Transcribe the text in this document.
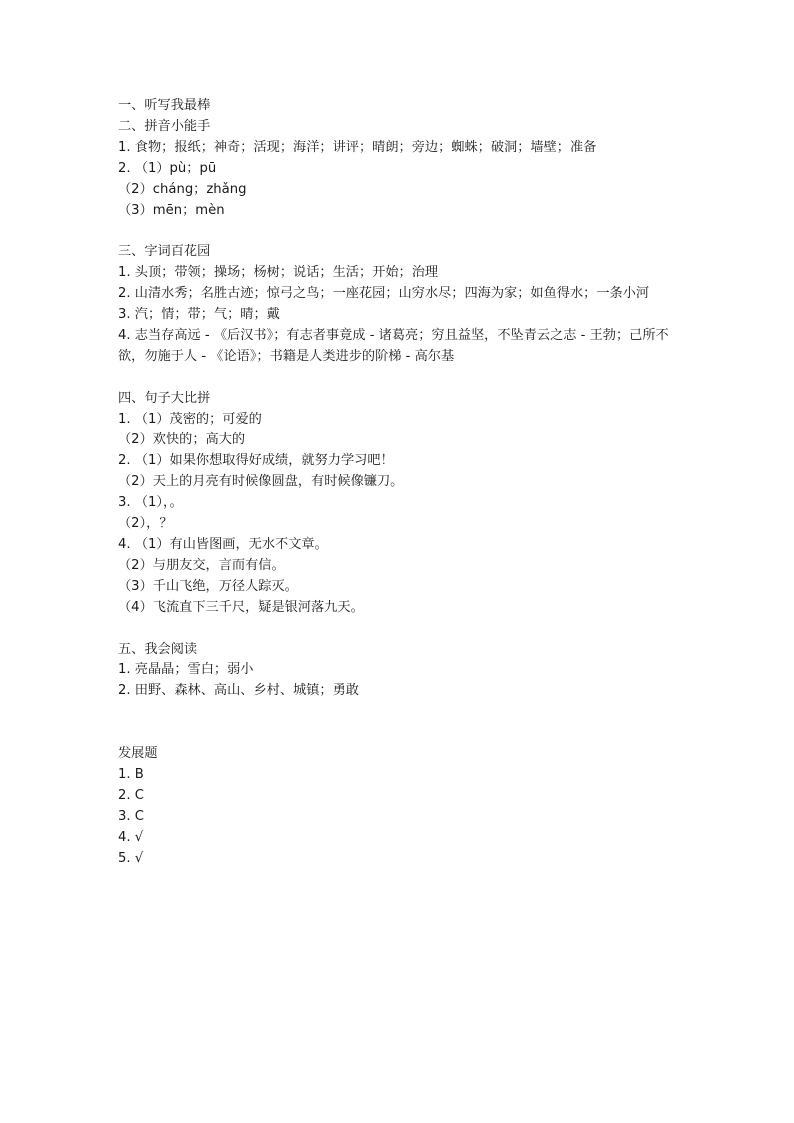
一、听写我最棒
二、拼音小能手
1. 食物；报纸；神奇；活现；海洋；讲评；晴朗；旁边；蜘蛛；破洞；墙壁；准备
2. （1）pù；pū
（2）cháng；zhǎng
（3）mēn；mèn
三、字词百花园
1. 头顶；带领；操场；杨树；说话；生活；开始；治理
2. 山清水秀；名胜古迹；惊弓之鸟；一座花园；山穷水尽；四海为家；如鱼得水；一条小河
3. 汽；情；带；气；晴；戴
4. 志当存高远 - 《后汉书》；有志者事竟成 - 诸葛亮；穷且益坚，不坠青云之志 - 王勃；己所不欲，勿施于人 - 《论语》；书籍是人类进步的阶梯 - 高尔基
四、句子大比拼
1. （1）茂密的；可爱的
（2）欢快的；高大的
2. （1）如果你想取得好成绩，就努力学习吧！
（2）天上的月亮有时候像圆盘，有时候像镰刀。
3. （1），。
（2），？
4. （1）有山皆图画，无水不文章。
（2）与朋友交，言而有信。
（3）千山飞绝，万径人踪灭。
（4）飞流直下三千尺，疑是银河落九天。
五、我会阅读
1. 亮晶晶；雪白；弱小
2. 田野、森林、高山、乡村、城镇；勇敢
发展题
1. B
2. C
3. C
4. √
5. √
